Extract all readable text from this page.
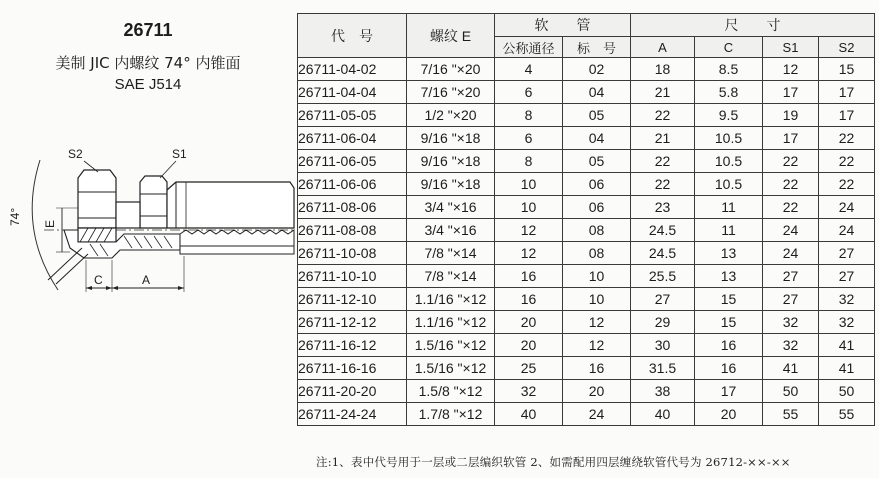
26711
美制 JIC 内螺纹 74° 内锥面
SAE J514
74° E
S2	S1
C	A
代　号	螺纹 E	软　　管		尺　　寸			
		公称通径	标　号	A	C	S1	S2
26711-04-02	7/16 "×20	4	02	18	8.5	12	15
26711-04-04	7/16 "×20	6	04	21	5.8	17	17
26711-05-05	1/2 "×20	8	05	22	9.5	19	17
26711-06-04	9/16 "×18	6	04	21	10.5	17	22
26711-06-05	9/16 "×18	8	05	22	10.5	22	22
26711-06-06	9/16 "×18	10	06	22	10.5	22	22
26711-08-06	3/4 "×16	10	06	23	11	22	24
26711-08-08	3/4 "×16	12	08	24.5	11	24	24
26711-10-08	7/8 "×14	12	08	24.5	13	24	27
26711-10-10	7/8 "×14	16	10	25.5	13	27	27
26711-12-10	1.1/16 "×12	16	10	27	15	27	32
26711-12-12	1.1/16 "×12	20	12	29	15	32	32
26711-16-12	1.5/16 "×12	20	12	30	16	32	41
26711-16-16	1.5/16 "×12	25	16	31.5	16	41	41
26711-20-20	1.5/8 "×12	32	20	38	17	50	50
26711-24-24	1.7/8 "×12	40	24	40	20	55	55
注:1、表中代号用于一层或二层编织软管 2、如需配用四层缠绕软管代号为 26712-××-××
